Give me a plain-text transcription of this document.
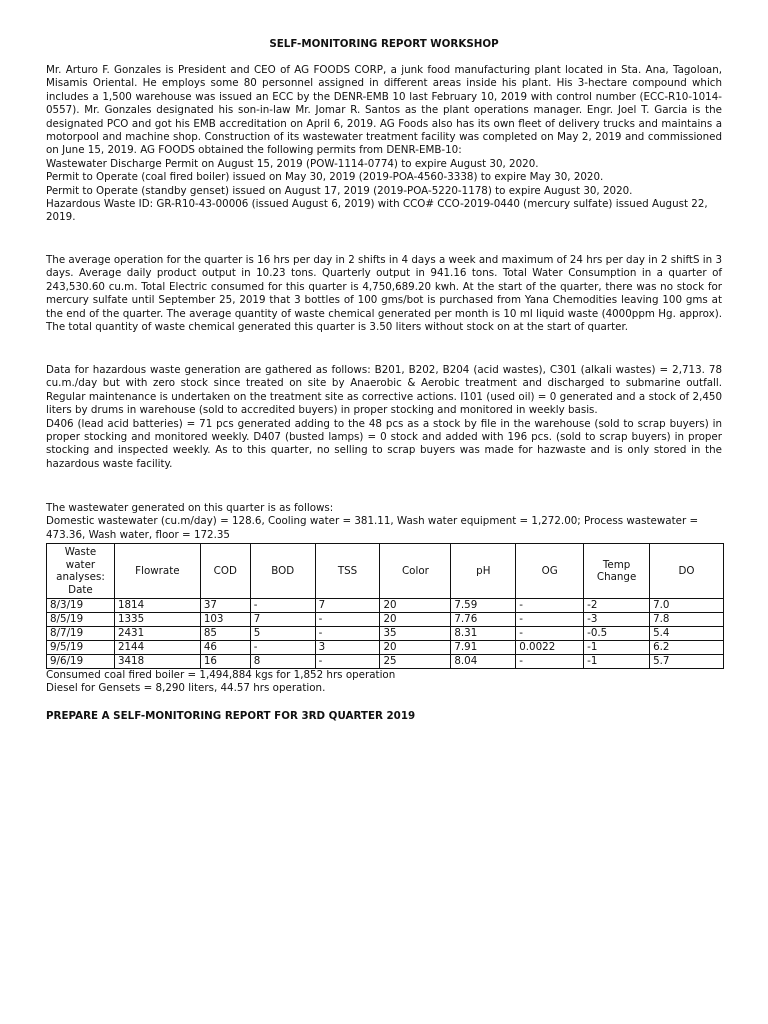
SELF-MONITORING REPORT WORKSHOP

Mr. Arturo F. Gonzales is President and CEO of AG FOODS CORP, a junk food manufacturing plant located in Sta. Ana, Tagoloan, Misamis Oriental. He employs some 80 personnel assigned in different areas inside his plant. His 3-hectare compound which includes a 1,500 warehouse was issued an ECC by the DENR-EMB 10 last February 10, 2019 with control number (ECC-R10-1014-0557). Mr. Gonzales designated his son-in-law Mr. Jomar R. Santos as the plant operations manager. Engr. Joel T. Garcia is the designated PCO and got his EMB accreditation on April 6, 2019. AG Foods also has its own fleet of delivery trucks and maintains a motorpool and machine shop. Construction of its wastewater treatment facility was completed on May 2, 2019 and commissioned on June 15, 2019. AG FOODS obtained the following permits from DENR-EMB-10:

Wastewater Discharge Permit on August 15, 2019 (POW-1114-0774) to expire August 30, 2020.
Permit to Operate (coal fired boiler) issued on May 30, 2019 (2019-POA-4560-3338) to expire May 30, 2020.
Permit to Operate (standby genset) issued on August 17, 2019 (2019-POA-5220-1178) to expire August 30, 2020.
Hazardous Waste ID: GR-R10-43-00006 (issued August 6, 2019) with CCO# CCO-2019-0440 (mercury sulfate) issued August 22, 2019.

The average operation for the quarter is 16 hrs per day in 2 shifts in 4 days a week and maximum of 24 hrs per day in 2 shiftS in 3 days. Average daily product output in 10.23 tons. Quarterly output in 941.16 tons. Total Water Consumption in a quarter of 243,530.60 cu.m. Total Electric consumed for this quarter is 4,750,689.20 kwh. At the start of the quarter, there was no stock for mercury sulfate until September 25, 2019 that 3 bottles of 100 gms/bot is purchased from Yana Chemodities leaving 100 gms at the end of the quarter. The average quantity of waste chemical generated per month is 10 ml liquid waste (4000ppm Hg. approx). The total quantity of waste chemical generated this quarter is 3.50 liters without stock on at the start of quarter.

Data for hazardous waste generation are gathered as follows: B201, B202, B204 (acid wastes), C301 (alkali wastes) = 2,713. 78 cu.m./day but with zero stock since treated on site by Anaerobic & Aerobic treatment and discharged to submarine outfall. Regular maintenance is undertaken on the treatment site as corrective actions. I101 (used oil) = 0 generated and a stock of 2,450 liters by drums in warehouse (sold to accredited buyers) in proper stocking and monitored in weekly basis.

D406 (lead acid batteries) = 71 pcs generated adding to the 48 pcs as a stock by file in the warehouse (sold to scrap buyers) in proper stocking and monitored weekly. D407 (busted lamps) = 0 stock and added with 196 pcs. (sold to scrap buyers) in proper stocking and inspected weekly. As to this quarter, no selling to scrap buyers was made for hazwaste and is only stored in the hazardous waste facility.

The wastewater generated on this quarter is as follows:
Domestic wastewater (cu.m/day) = 128.6, Cooling water = 381.11, Wash water equipment = 1,272.00; Process wastewater = 473.36, Wash water, floor = 172.35
Waste water analyses: Date	Flowrate	COD	BOD	TSS	Color	pH	OG	Temp Change	DO
8/3/19	1814	37	-	7	20	7.59	-	-2	7.0
8/5/19	1335	103	7	-	20	7.76	-	-3	7.8
8/7/19	2431	85	5	-	35	8.31	-	-0.5	5.4
9/5/19	2144	46	-	3	20	7.91	0.0022	-1	6.2
9/6/19	3418	16	8	-	25	8.04	-	-1	5.7
Consumed coal fired boiler = 1,494,884 kgs for 1,852 hrs operation
Diesel for Gensets = 8,290 liters, 44.57 hrs operation.
PREPARE A SELF-MONITORING REPORT FOR 3RD QUARTER 2019
